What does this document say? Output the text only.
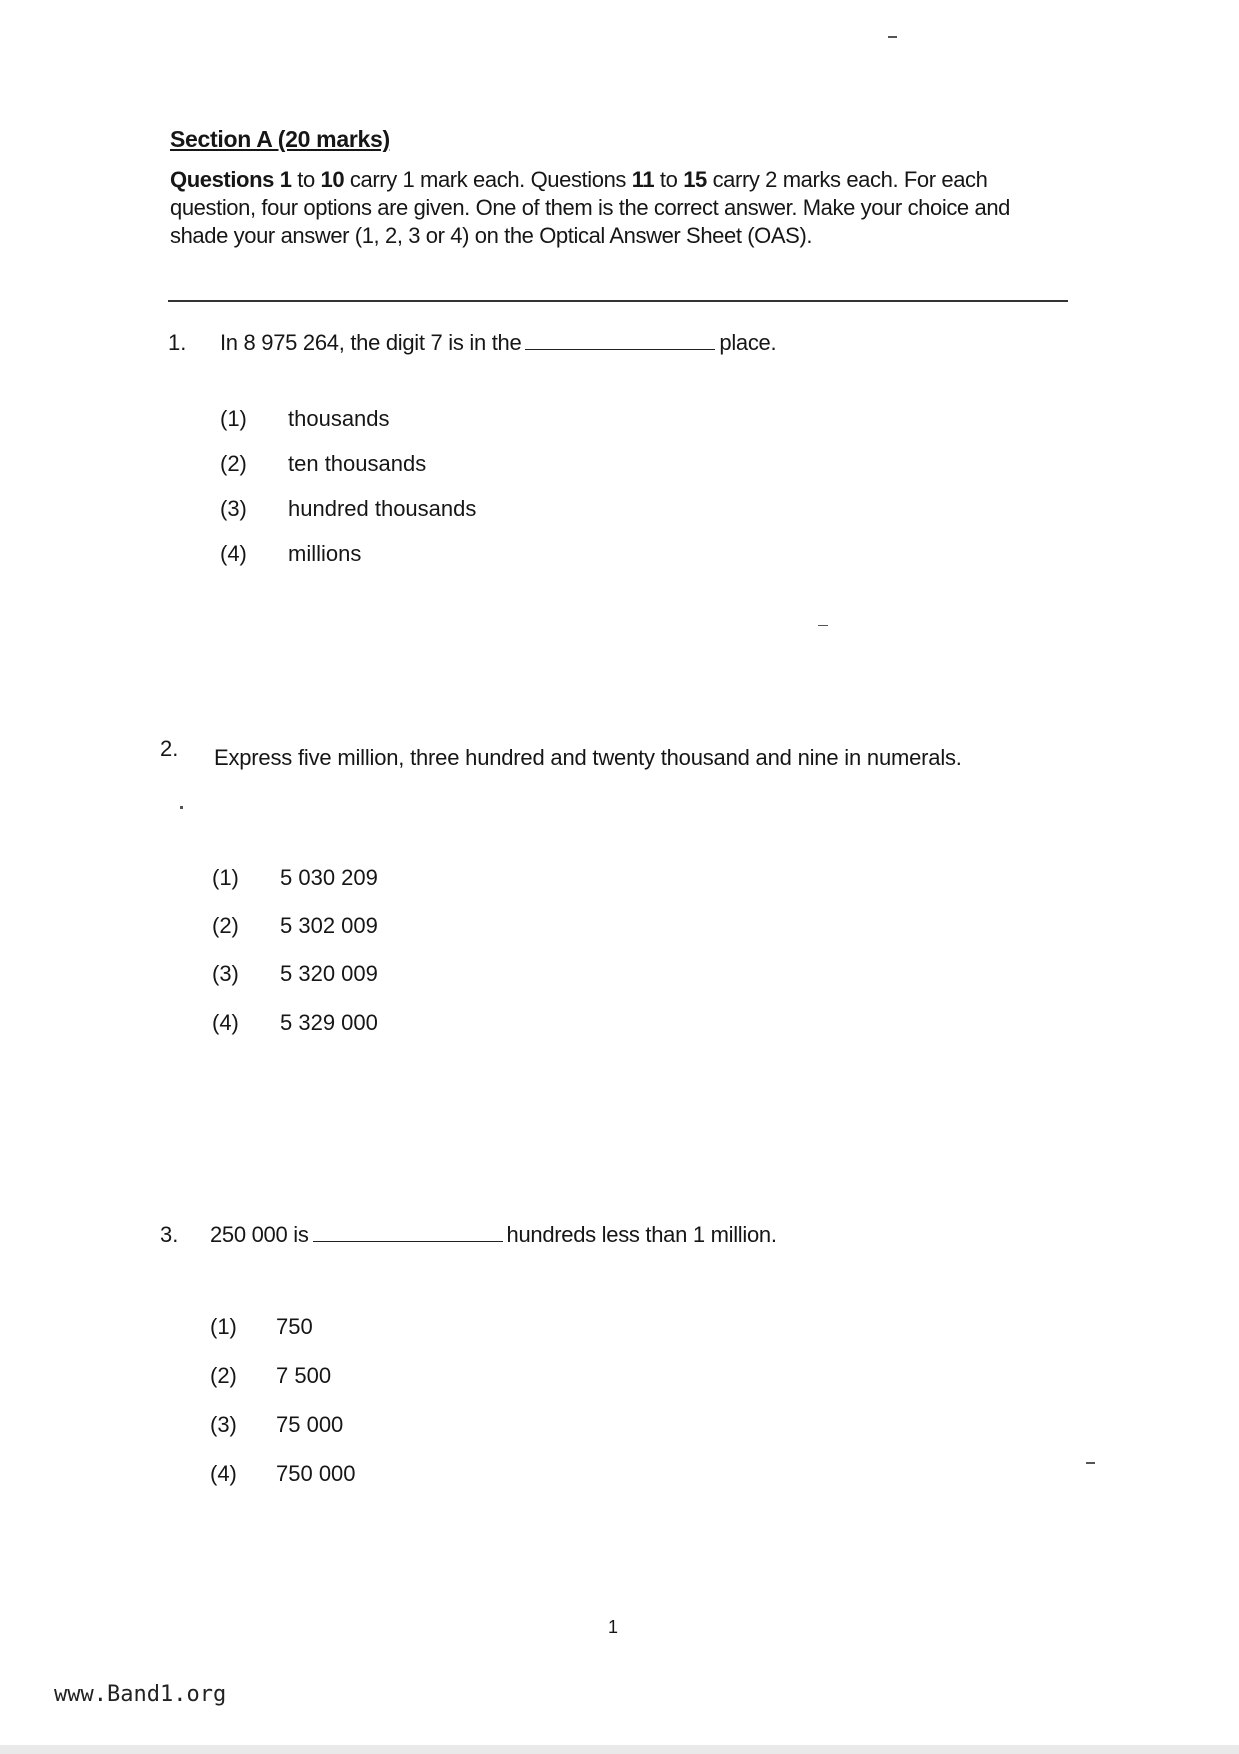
Section A (20 marks)
Questions 1 to 10 carry 1 mark each. Questions 11 to 15 carry 2 marks each. For each question, four options are given. One of them is the correct answer. Make your choice and shade your answer (1, 2, 3 or 4) on the Optical Answer Sheet (OAS).
1. In 8 975 264, the digit 7 is in the	place.
(1) thousands
(2) ten thousands
(3) hundred thousands
(4) millions
2. Express five million, three hundred and twenty thousand and nine in numerals.
(1) 5 030 209
(2) 5 302 009
(3) 5 320 009
(4) 5 329 000
3. 250 000 is	hundreds less than 1 million.
(1) 750
(2) 7 500
(3) 75 000
(4) 750 000
1
www.Band1.org
